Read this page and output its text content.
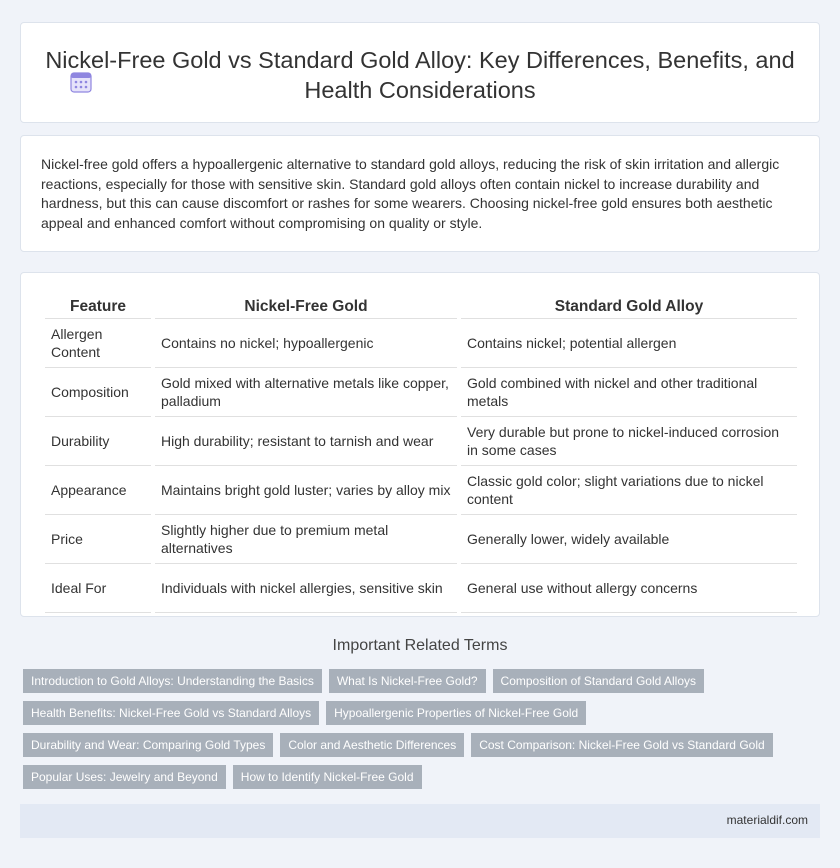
Nickel-Free Gold vs Standard Gold Alloy: Key Differences, Benefits, and Health Considerations

Nickel-free gold offers a hypoallergenic alternative to standard gold alloys, reducing the risk of skin irritation and allergic reactions, especially for those with sensitive skin. Standard gold alloys often contain nickel to increase durability and hardness, but this can cause discomfort or rashes for some wearers. Choosing nickel-free gold ensures both aesthetic appeal and enhanced comfort without compromising on quality or style.

Feature	Nickel-Free Gold	Standard Gold Alloy
Allergen Content	Contains no nickel; hypoallergenic	Contains nickel; potential allergen
Composition	Gold mixed with alternative metals like copper, palladium	Gold combined with nickel and other traditional metals
Durability	High durability; resistant to tarnish and wear	Very durable but prone to nickel-induced corrosion in some cases
Appearance	Maintains bright gold luster; varies by alloy mix	Classic gold color; slight variations due to nickel content
Price	Slightly higher due to premium metal alternatives	Generally lower, widely available
Ideal For	Individuals with nickel allergies, sensitive skin	General use without allergy concerns
Important Related Terms
Introduction to Gold Alloys: Understanding the Basics	What Is Nickel-Free Gold?	Composition of Standard Gold Alloys
Health Benefits: Nickel-Free Gold vs Standard Alloys	Hypoallergenic Properties of Nickel-Free Gold
Durability and Wear: Comparing Gold Types	Color and Aesthetic Differences	Cost Comparison: Nickel-Free Gold vs Standard Gold
Popular Uses: Jewelry and Beyond	How to Identify Nickel-Free Gold
materialdif.com
